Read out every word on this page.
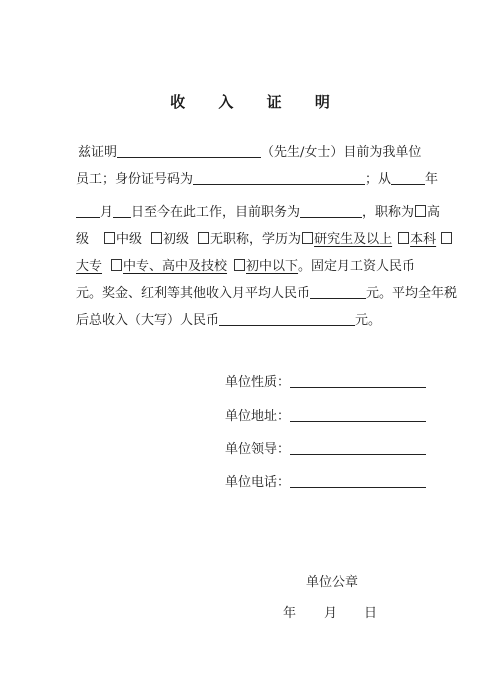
收 入 证 明
兹证明	（先生/女士）目前为我单位
员工；身份证号码为	；从	年
月 日至今在此工作，目前职务为	，职称为 高
级 中级 初级 无职称，学历为 研究生及以上 本科
大专 中专、高中及技校 初中以下。固定月工资人民币
元。奖金、红利等其他收入月平均人民币	元。平均全年税
后总收入（大写）人民币	元。
单位性质：
单位地址：
单位领导：
单位电话：
单位公章
年 月 日
